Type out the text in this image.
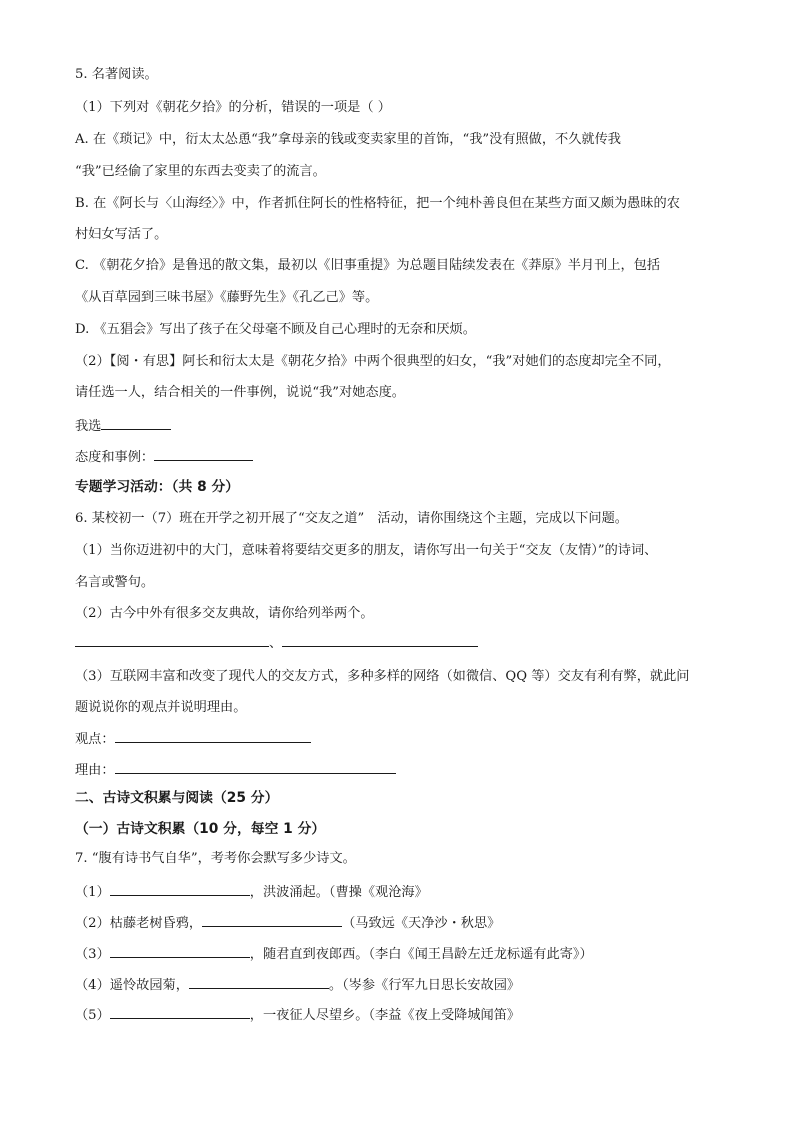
5. 名著阅读。
（1）下列对《朝花夕拾》的分析，错误的一项是（ ）
A. 在《琐记》中，衍太太怂恿“我”拿母亲的钱或变卖家里的首饰，“我”没有照做，不久就传我
“我”已经偷了家里的东西去变卖了的流言。
B. 在《阿长与〈山海经〉》中，作者抓住阿长的性格特征，把一个纯朴善良但在某些方面又颇为愚昧的农
村妇女写活了。
C. 《朝花夕拾》是鲁迅的散文集，最初以《旧事重提》为总题目陆续发表在《莽原》半月刊上，包括
《从百草园到三味书屋》《藤野先生》《孔乙己》等。
D. 《五猖会》写出了孩子在父母毫不顾及自己心理时的无奈和厌烦。
（2）【阅・有思】阿长和衍太太是《朝花夕拾》中两个很典型的妇女，“我”对她们的态度却完全不同，
请任选一人，结合相关的一件事例，说说“我”对她态度。
我选
态度和事例：
专题学习活动：（共 8 分）
6. 某校初一（7）班在开学之初开展了“交友之道”　活动，请你围绕这个主题，完成以下问题。
（1）当你迈进初中的大门，意味着将要结交更多的朋友，请你写出一句关于“交友（友情）”的诗词、
名言或警句。
（2）古今中外有很多交友典故，请你给列举两个。
、
（3）互联网丰富和改变了现代人的交友方式，多种多样的网络（如微信、QQ 等）交友有利有弊，就此问
题说说你的观点并说明理由。
观点：
理由：
二、古诗文积累与阅读（25 分）
（一）古诗文积累（10 分，每空 1 分）
7. “腹有诗书气自华”，考考你会默写多少诗文。
（1）	，洪波涌起。（曹操《观沧海》
（2）枯藤老树昏鸦，	（马致远《天净沙・秋思》
（3）	，随君直到夜郎西。（李白《闻王昌龄左迁龙标遥有此寄》）
（4）遥怜故园菊，	。（岑参《行军九日思长安故园》
（5）	，一夜征人尽望乡。（李益《夜上受降城闻笛》
